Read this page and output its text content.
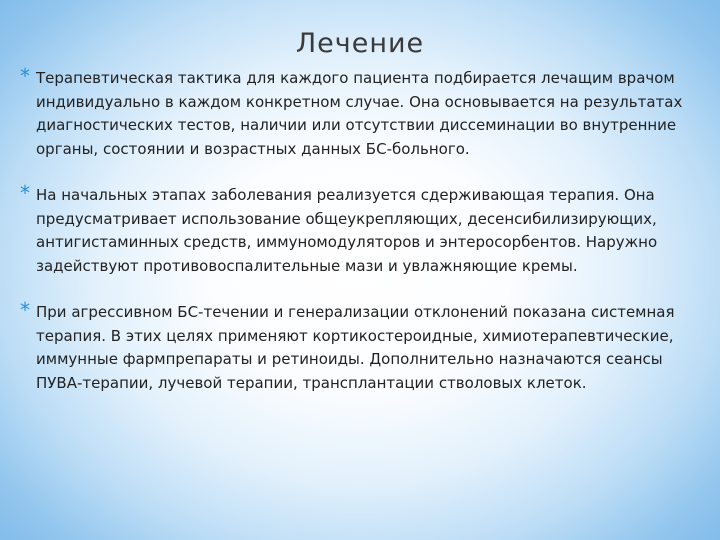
Лечение
* Терапевтическая тактика для каждого пациента подбирается лечащим врачом индивидуально в каждом конкретном случае. Она основывается на результатах диагностических тестов, наличии или отсутствии диссеминации во внутренние органы, состоянии и возрастных данных БС-больного.
* На начальных этапах заболевания реализуется сдерживающая терапия. Она предусматривает использование общеукрепляющих, десенсибилизирующих, антигистаминных средств, иммуномодуляторов и энтеросорбентов. Наружно задействуют противовоспалительные мази и увлажняющие кремы.
* При агрессивном БС-течении и генерализации отклонений показана системная терапия. В этих целях применяют кортикостероидные, химиотерапевтические, иммунные фармпрепараты и ретиноиды. Дополнительно назначаются сеансы ПУВА-терапии, лучевой терапии, трансплантации стволовых клеток.
